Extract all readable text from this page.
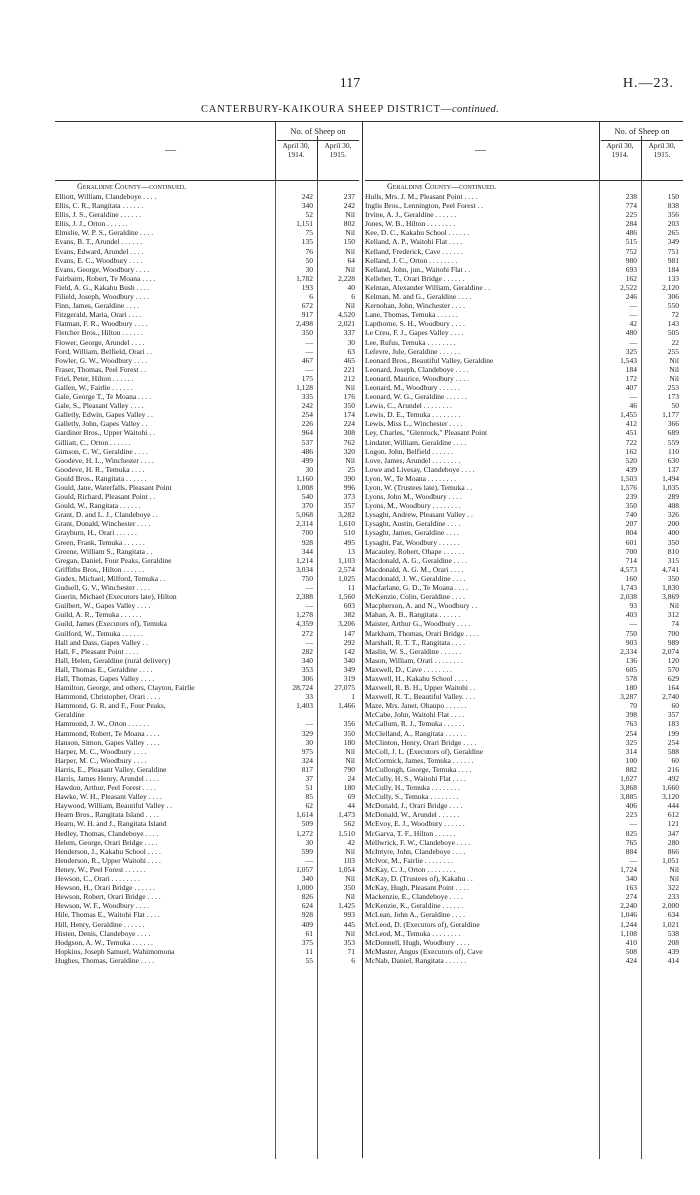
117	H.—23.
CANTERBURY-KAIKOURA SHEEP DISTRICT—continued.
—
No. of Sheep on
April 30, 1914.
April 30, 1915.
Geraldine County—continued.
Elliott, William, Clandeboye . . . .	242	237
Ellis, C. R., Rangitata . . . . . .	340	242
Ellis, J. S., Geraldine . . . . . .	52	Nil
Ellis, J. J., Orton . . . . . .	1,151	802
Elmslie, W. P. S., Geraldine . . . .	75	Nil
Evans, B. T., Arundel . . . . . .	135	150
Evans, Edward, Arundel . . . .	76	Nil
Evans, E. C., Woodbury . . . .	50	64
Evans, George, Woodbury . . . .	30	Nil
Fairbairn, Robert, Te Moana . . . .	1,782	2,228
Field, A. G., Kakahu Bush . . . .	193	40
Filield, Joseph, Woodbury . . . .	6	6
Finn, James, Geraldine . . . .	672	Nil
Fitzgerald, Maria, Orari . . . .	917	4,520
Flatman, F. R., Woodbury . . . .	2,498	2,021
Fletcher Bros., Hilton . . . . . .	350	337
Flower, George, Arundel . . . .	—	30
Ford, William, Belfield, Orari . .	—	63
Fowler, G. W., Woodbury . . . .	467	465
Fraser, Thomas, Peel Forest . .	—	221
Friel, Peter, Hilton . . . . . .	175	212
Gallen, W., Fairlie . . . . . .	1,128	Nil
Gale, George T., Te Moana . . . .	335	176
Gale, S., Pleasant Valley . . . .	242	350
Galletly, Edwin, Gapes Valley . .	254	174
Galletly, John, Gapes Valley . .	226	224
Gardiner Bros., Upper Waitohi . .	964	308
Gilliatt, C., Orton . . . . . .	537	762
Gimson, C. W., Geraldine . . . .	486	320
Goodeve, H. L., Winchester . . . .	499	Nil
Goodeve, H. R., Temuka . . . .	30	25
Gould Bros., Rangitata . . . . . .	1,160	390
Gould, Jane, Waterfalls, Pleasant Point	1,008	996
Gould, Richard, Pleasant Point . .	540	373
Gould, W., Rangitata . . . . . .	370	357
Grant, D. and L. J., Clandeboye . .	5,068	3,282
Grant, Donald, Winchester . . . .	2,314	1,610
Grayburn, H., Orari . . . . . .	700	510
Green, Frank, Temuka . . . . . .	928	495
Greene, William S., Rangitata . .	344	13
Gregan, Daniel, Four Peaks, Geraldine	1,214	1,103
Griffiths Bros., Hilton . . . . . .	3,034	2,574
Gudex, Michael, Milford, Temuka . .	750	1,025
Gudsell, G. V., Winchester . . . .	—	11
Guerin, Michael (Executors late), Hilton	2,388	1,560
Guilbert, W., Gapes Valley . . . .	—	603
Guild, A. R., Temuka . . . . . .	1,278	382
Guild, James (Executors of), Temuka	4,359	3,206
Guilford, W., Temuka . . . . . .	272	147
Hall and Dass, Gapes Valley . .	—	292
Hall, F., Pleasant Point . . . .	282	142
Hall, Helen, Geraldine (rural delivery)	340	340
Hall, Thomas E., Geraldine . . . .	353	349
Hall, Thomas, Gapes Valley . . . .	306	319
Hamilton, George, and others, Clayton, Fairlie	28,724	27,075
Hammond, Christopher, Orari . . . .	33	1
Hammond, G. R. and F., Four Peaks,	1,403	1,466
Geraldine
Hammond, J. W., Orton . . . . . .	—	356
Hammond, Robert, Te Moana . . . .	329	350
Hanson, Simon, Gapes Valley . . . .	30	180
Harper, M. C., Woodbury . . . .	975	Nil
Harper, M. C., Woodbury . . . .	324	Nil
Harris, E., Pleasant Valley, Geraldine	817	790
Harris, James Henry, Arundel . . . .	37	24
Hawdon, Arthur, Peel Forest . . . .	51	180
Hawke, W. H., Pleasant Valley . . . .	85	69
Haywood, William, Beautiful Valley . .	62	44
Hearn Bros., Rangitata Island . . . .	1,614	1,473
Hearn, W. H. and J., Rangitata Island	509	562
Hedley, Thomas, Clandeboye . . . .	1,272	1,510
Helem, George, Orari Bridge . . . .	30	42
Henderson, J., Kakahu School . . . .	599	Nil
Henderson, R., Upper Waitohi . . . .	—	103
Heney, W., Peel Forest . . . . . .	1,057	1,054
Hewson, C., Orari . . . . . . . .	340	Nil
Hewson, H., Orari Bridge . . . . . .	1,000	350
Hewson, Robert, Orari Bridge . . . .	826	Nil
Hewson, W. F., Woodbury . . . .	624	1,425
Hile, Thomas E., Waitohi Flat . . . .	928	993
Hill, Henry, Geraldine . . . . . .	409	445
Histen, Denis, Clandeboye . . . .	61	Nil
Hodgson, A. W., Temuka . . . . . .	375	353
Hopkins, Joseph Samuel, Wahimomona	11	71
Hughes, Thomas, Geraldine . . . .	55	6
—
No. of Sheep on
April 30, 1914.
April 30, 1915.
Geraldine County—continued.
Hulls, Mrs. J. M., Pleasant Point . . . .	238	150
Inglis Bros., Lennington, Peel Forest . .	774	838
Irvine, A. J., Geraldine . . . . . .	225	356
Jones, W. B., Hilton . . . . . . . .	284	203
Kee, D. C., Kakahu School . . . . . .	486	265
Kelland, A. P., Waitohi Flat . . . .	515	349
Kelland, Frederick, Cave . . . . . .	752	751
Kelland, J. C., Orton . . . . . . . .	980	981
Kelland, John, jun., Waitohi Flat . .	693	184
Kelleher, T., Orari Bridge . . . . . .	162	133
Kelman, Alexander William, Geraldine . .	2,522	2,120
Kelman, M. and G., Geraldine . . . .	246	306
Kernohan, John, Winchester . . . .	—	550
Lane, Thomas, Temuka . . . . . .	—	72
Lapthorne, S. H., Woodbury . . . .	42	143
Le Creu, F. J., Gapes Valley . . . .	480	505
Lee, Rufus, Temuka . . . . . . . .	—	22
Lefevre, Jule, Geraldine . . . . . .	325	255
Leonard Bros., Beautiful Valley, Geraldine	1,543	Nil
Leonard, Joseph, Clandeboye . . . .	184	Nil
Leonard, Maurice, Woodbury . . . .	172	Nil
Leonard, M., Woodbury . . . . . .	407	253
Leonard, W. G., Geraldine . . . . . .	—	173
Lewis, C., Arundel . . . . . . . .	46	50
Lewis, D. E., Temuka . . . . . . . .	1,455	1,177
Lewis, Miss L., Winchester . . . .	412	366
Ley, Charles, "Glenrock," Pleasant Point	451	689
Lindater, William, Geraldine . . . .	722	559
Logon, John, Belfield . . . . . .	162	110
Love, James, Arundel . . . . . . . .	520	630
Lowe and Livesay, Clandeboye . . . .	439	137
Lyon, W., Te Moana . . . . . . . .	1,503	1,494
Lyon, W. (Trustees late), Temuka . .	1,576	1,035
Lyons, John M., Woodbury . . . .	239	289
Lyons, M., Woodbury . . . . . . . .	350	408
Lysaght, Andrew, Pleasant Valley . .	740	326
Lysaght, Austin, Geraldine . . . .	207	200
Lysaght, James, Geraldine . . . .	804	400
Lysaght, Pat, Woodbury . . . . . .	601	350
Macauley, Robert, Ohape . . . . . .	700	810
Macdonald, A. G., Geraldine . . . .	714	315
Macdonald, A. G. M., Orari . . . .	4,573	4,741
Macdonald, J. W., Geraldine . . . .	160	350
Macfarlane, G. D., Te Moana . . . .	1,743	1,830
McKenzie, Colin, Geraldine . . . .	2,038	3,869
Macpherson, A. and N., Woodbury . .	93	Nil
Mahan, A. B., Rangitata . . . . . .	403	312
Maister, Arthur G., Woodbury . . . .	—	74
Markham, Thomas, Orari Bridge . . . .	750	700
Marshall, R. T. T., Rangitata . . . .	903	989
Maslin, W. S., Geraldine . . . . . .	2,334	2,074
Mason, William, Orari . . . . . . . .	136	120
Maxwell, D., Cave . . . . . . . .	605	570
Maxwell, H., Kakahu School . . . .	578	629
Maxwell, R. B. H., Upper Waitohi . .	180	164
Maxwell, R. T., Beautiful Valley. . . .	3,287	2,740
Maze, Mrs. Janet, Ohaupo . . . . . .	70	60
McCabe, John, Waitohi Flat . . . .	398	357
McCallum, R. J., Temuka . . . . . .	763	183
McClelland, A., Rangitata . . . . . .	254	199
McClinton, Henry, Orari Bridge . . . .	325	254
McColl, J. L. (Executors of), Geraldine	314	588
McCormick, James, Temuka . . . . . .	100	60
McCullough, George, Temuka . . . .	882	216
McCully, H. S., Waitohi Flat . . . .	1,027	492
McCully, H., Temuka . . . . . . . .	3,868	1,660
McCully, S., Temuka . . . . . . . .	3,885	3,120
McDonald, J., Orari Bridge . . . .	406	444
McDonald, W., Arundel . . . . . .	223	612
McEvoy, E. J., Woodbury . . . . . .	—	121
McGarva, T. F., Hilton . . . . . .	825	347
Mellwrick, F. W., Clandeboye . . . .	765	280
McIntyre, John, Clandeboye . . . .	884	866
McIvor, M., Fairlie . . . . . . . .	—	1,051
McKay, C. J., Orton . . . . . . . .	1,724	Nil
McKay, D. (Trustees of), Kakahu . .	340	Nil
McKay, Hugh, Pleasant Point . . . .	163	322
Mackenzie, E., Clandeboye . . . .	274	233
McKenzie, K., Geraldine . . . . . .	2,240	2,000
McLean, John A., Geraldine . . . .	1,046	634
McLeod, D. (Executors of), Geraldine	1,244	1,021
McLeod, M., Temuka . . . . . . . .	1,108	538
McDonnell, Hugh, Woodbury . . . .	410	208
McMaster, Angus (Executors of), Cave	508	439
McNab, Daniel, Rangitata . . . . . .	424	414
